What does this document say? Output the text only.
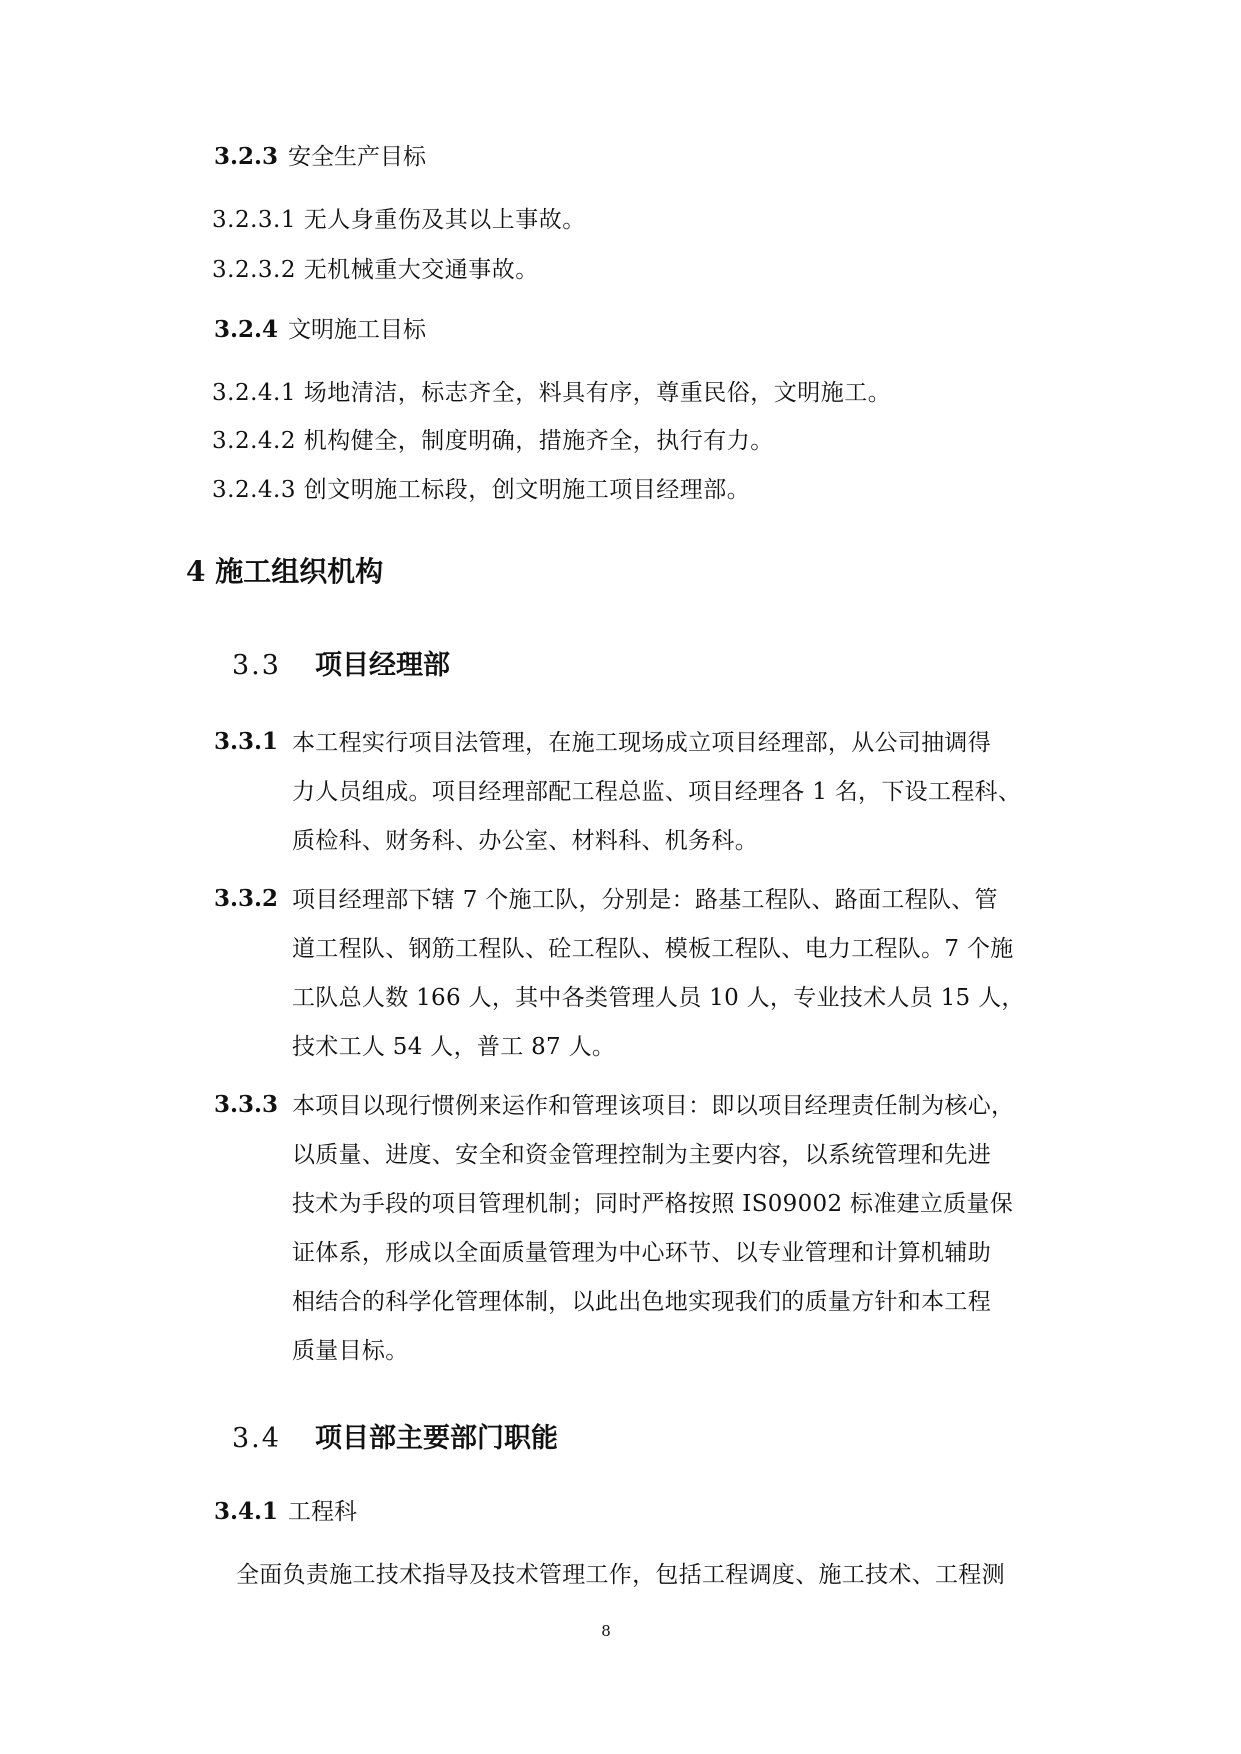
3.2.3 安全生产目标
3.2.3.1 无人身重伤及其以上事故。
3.2.3.2 无机械重大交通事故。
3.2.4 文明施工目标
3.2.4.1 场地清洁，标志齐全，料具有序，尊重民俗，文明施工。
3.2.4.2 机构健全，制度明确，措施齐全，执行有力。
3.2.4.3 创文明施工标段，创文明施工项目经理部。
4 施工组织机构
3.3 项目经理部
3.3.1 本工程实行项目法管理，在施工现场成立项目经理部，从公司抽调得
力人员组成。项目经理部配工程总监、项目经理各 1 名，下设工程科、
质检科、财务科、办公室、材料科、机务科。
3.3.2 项目经理部下辖 7 个施工队，分别是：路基工程队、路面工程队、管
道工程队、钢筋工程队、砼工程队、模板工程队、电力工程队。7 个施
工队总人数 166 人，其中各类管理人员 10 人，专业技术人员 15 人，
技术工人 54 人，普工 87 人。
3.3.3 本项目以现行惯例来运作和管理该项目：即以项目经理责任制为核心，
以质量、进度、安全和资金管理控制为主要内容，以系统管理和先进
技术为手段的项目管理机制；同时严格按照 IS09002 标准建立质量保
证体系，形成以全面质量管理为中心环节、以专业管理和计算机辅助
相结合的科学化管理体制，以此出色地实现我们的质量方针和本工程
质量目标。
3.4 项目部主要部门职能
3.4.1 工程科
全面负责施工技术指导及技术管理工作，包括工程调度、施工技术、工程测
8
